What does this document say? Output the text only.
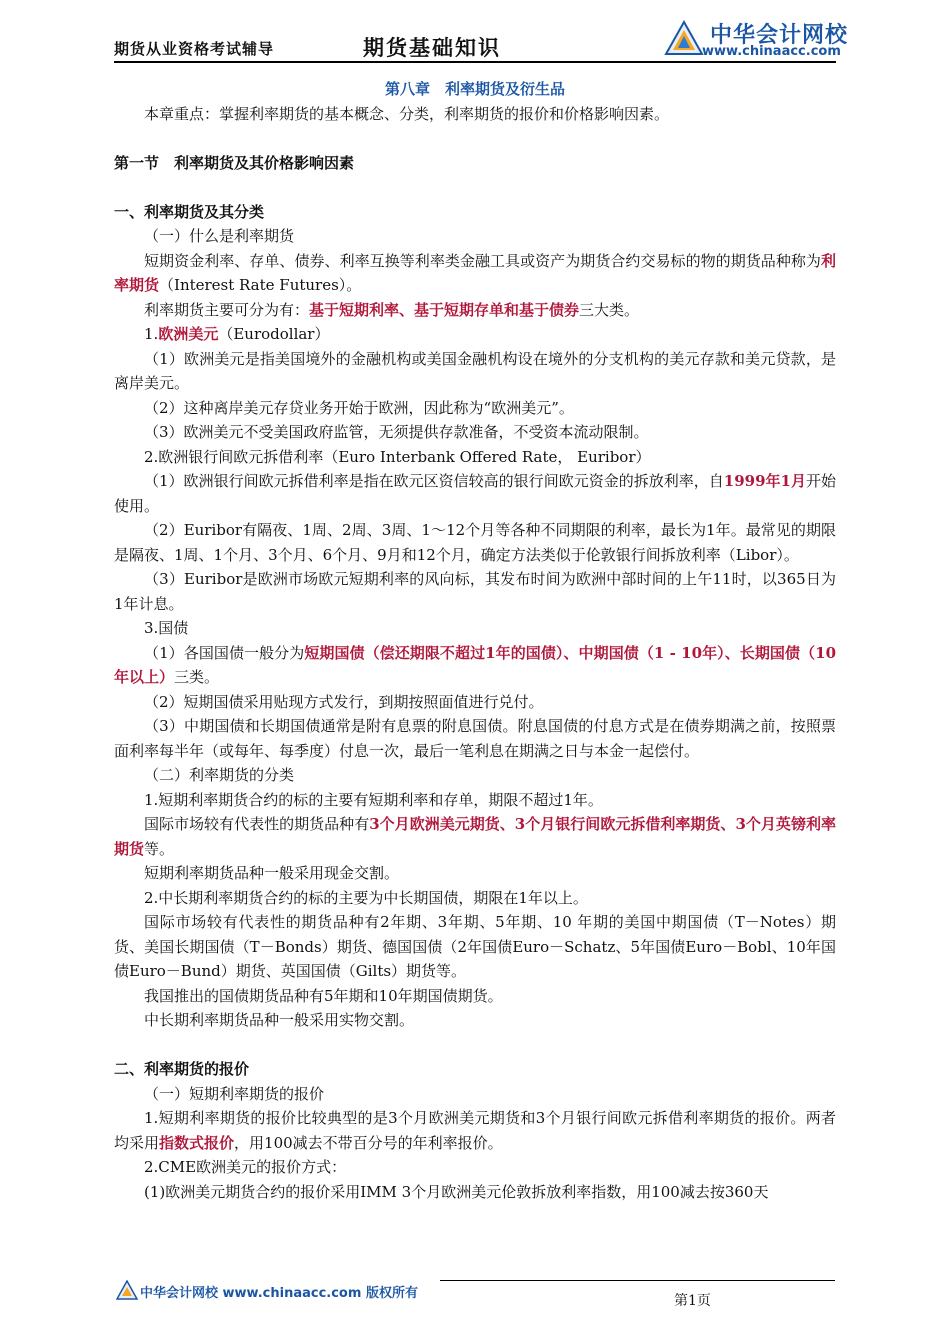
期货从业资格考试辅导	期货基础知识	中华会计网校
www.chinaacc.com

第八章　利率期货及衍生品

本章重点：掌握利率期货的基本概念、分类，利率期货的报价和价格影响因素。

第一节　利率期货及其价格影响因素

一、利率期货及其分类

（一）什么是利率期货

短期资金利率、存单、债券、利率互换等利率类金融工具或资产为期货合约交易标的物的期货品种称为利率期货（Interest Rate Futures）。

利率期货主要可分为有：基于短期利率、基于短期存单和基于债券三大类。

1.欧洲美元（Eurodollar）

（1）欧洲美元是指美国境外的金融机构或美国金融机构设在境外的分支机构的美元存款和美元贷款，是离岸美元。

（2）这种离岸美元存贷业务开始于欧洲，因此称为“欧洲美元”。

（3）欧洲美元不受美国政府监管，无须提供存款准备，不受资本流动限制。

2.欧洲银行间欧元拆借利率（Euro Interbank Offered Rate， Euribor）

（1）欧洲银行间欧元拆借利率是指在欧元区资信较高的银行间欧元资金的拆放利率，自1999年1月开始使用。

（2）Euribor有隔夜、1周、2周、3周、1～12个月等各种不同期限的利率，最长为1年。最常见的期限是隔夜、1周、1个月、3个月、6个月、9月和12个月，确定方法类似于伦敦银行间拆放利率（Libor）。

（3）Euribor是欧洲市场欧元短期利率的风向标，其发布时间为欧洲中部时间的上午11时，以365日为1年计息。

3.国债

（1）各国国债一般分为短期国债（偿还期限不超过1年的国债）、中期国债（1 - 10年）、长期国债（10年以上）三类。

（2）短期国债采用贴现方式发行，到期按照面值进行兑付。

（3）中期国债和长期国债通常是附有息票的附息国债。附息国债的付息方式是在债券期满之前，按照票面利率每半年（或每年、每季度）付息一次，最后一笔利息在期满之日与本金一起偿付。

（二）利率期货的分类

1.短期利率期货合约的标的主要有短期利率和存单，期限不超过1年。

国际市场较有代表性的期货品种有3个月欧洲美元期货、3个月银行间欧元拆借利率期货、3个月英镑利率期货等。

短期利率期货品种一般采用现金交割。

2.中长期利率期货合约的标的主要为中长期国债，期限在1年以上。

国际市场较有代表性的期货品种有2年期、3年期、5年期、10 年期的美国中期国债（T－Notes）期货、美国长期国债（T－Bonds）期货、德国国债（2年国债Euro－Schatz、5年国债Euro－Bobl、10年国债Euro－Bund）期货、英国国债（Gilts）期货等。

我国推出的国债期货品种有5年期和10年期国债期货。

中长期利率期货品种一般采用实物交割。

二、利率期货的报价

（一）短期利率期货的报价

1.短期利率期货的报价比较典型的是3个月欧洲美元期货和3个月银行间欧元拆借利率期货的报价。两者均采用指数式报价，用100减去不带百分号的年利率报价。

2.CME欧洲美元的报价方式：

(1)欧洲美元期货合约的报价采用IMM 3个月欧洲美元伦敦拆放利率指数，用100减去按360天

中华会计网校 www.chinaacc.com 版权所有	第1页
